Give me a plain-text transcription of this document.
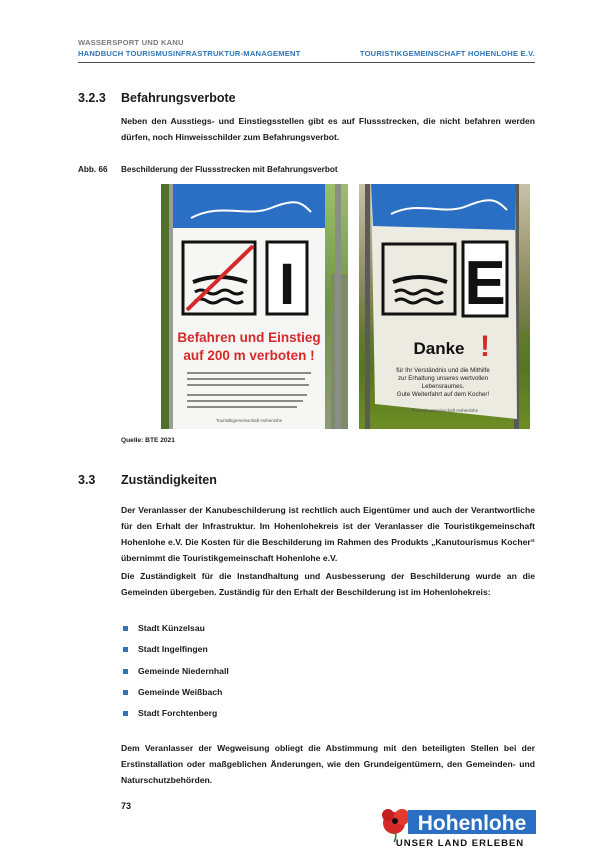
WASSERSPORT UND KANU
HANDBUCH TOURISMUSINFRASTRUKTUR-MANAGEMENT	TOURISTIKGEMEINSCHAFT HOHENLOHE E.V.
3.2.3 Befahrungsverbote
Neben den Ausstiegs- und Einstiegsstellen gibt es auf Flussstrecken, die nicht befahren werden dürfen, noch Hinweisschilder zum Befahrungsverbot.
Abb. 66 Beschilderung der Flussstrecken mit Befahrungsverbot
I
Befahren und Einstieg
auf 200 m verboten !
Touristikgemeinschaft Hohenlohe
E
Danke !
für Ihr Verständnis und die Mithilfe
zur Erhaltung unseres wertvollen
Lebensraumes.
Gute Weiterfahrt auf dem Kocher!
Touristikgemeinschaft Hohenlohe
Quelle: BTE 2021
3.3 Zuständigkeiten
Der Veranlasser der Kanubeschilderung ist rechtlich auch Eigentümer und auch der Verantwortliche für den Erhalt der Infrastruktur. Im Hohenlohekreis ist der Veranlasser die Touristikgemeinschaft Hohenlohe e.V. Die Kosten für die Beschilderung im Rahmen des Produkts „Kanutourismus Kocher“ übernimmt die Touristikgemeinschaft Hohenlohe e.V.
Die Zuständigkeit für die Instandhaltung und Ausbesserung der Beschilderung wurde an die Gemeinden übergeben. Zuständig für den Erhalt der Beschilderung ist im Hohenlohekreis:
Stadt Künzelsau
Stadt Ingelfingen
Gemeinde Niedernhall
Gemeinde Weißbach
Stadt Forchtenberg
Dem Veranlasser der Wegweisung obliegt die Abstimmung mit den beteiligten Stellen bei der Erstinstallation oder maßgeblichen Änderungen, wie den Grundeigentümern, den Gemeinden- und Naturschutzbehörden.
73
Hohenlohe
UNSER LAND ERLEBEN
